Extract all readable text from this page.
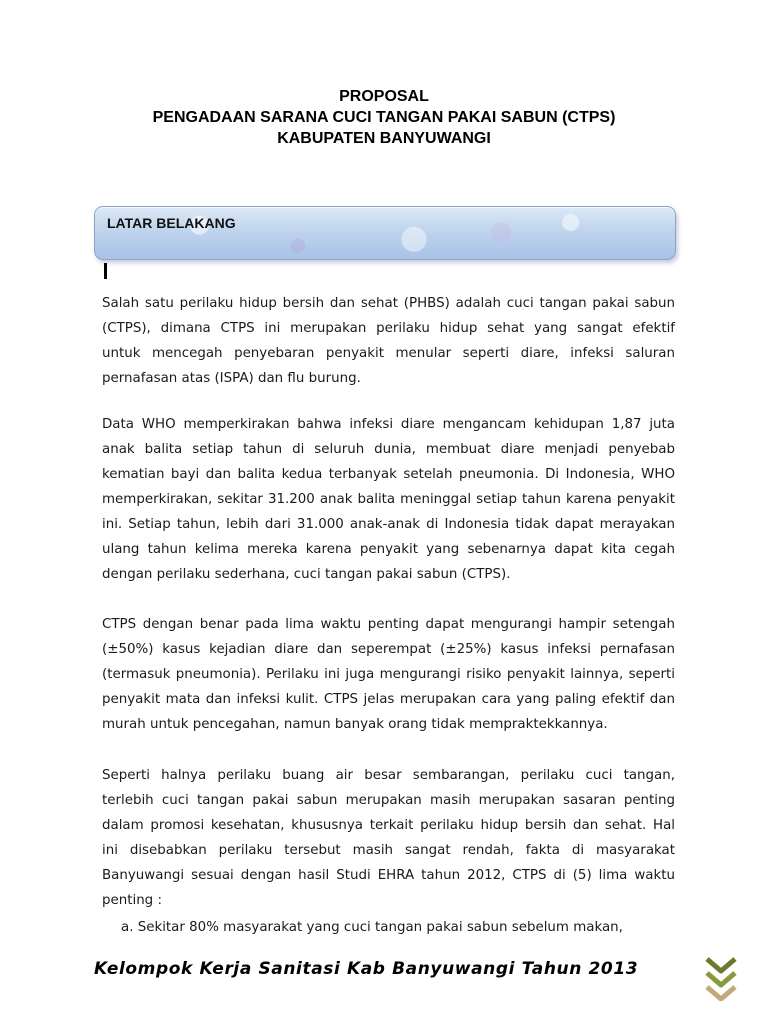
PROPOSAL
PENGADAAN SARANA CUCI TANGAN PAKAI SABUN (CTPS)
KABUPATEN BANYUWANGI
LATAR BELAKANG
Salah satu perilaku hidup bersih dan sehat (PHBS) adalah cuci tangan pakai sabun
(CTPS), dimana CTPS ini merupakan perilaku hidup sehat yang sangat efektif
untuk mencegah penyebaran penyakit menular seperti diare, infeksi saluran
pernafasan atas (ISPA) dan flu burung.
Data WHO memperkirakan bahwa infeksi diare mengancam kehidupan 1,87 juta
anak balita setiap tahun di seluruh dunia, membuat diare menjadi penyebab
kematian bayi dan balita kedua terbanyak setelah pneumonia. Di Indonesia, WHO
memperkirakan, sekitar 31.200 anak balita meninggal setiap tahun karena penyakit
ini. Setiap tahun, lebih dari 31.000 anak-anak di Indonesia tidak dapat merayakan
ulang tahun kelima mereka karena penyakit yang sebenarnya dapat kita cegah
dengan perilaku sederhana, cuci tangan pakai sabun (CTPS).
CTPS dengan benar pada lima waktu penting dapat mengurangi hampir setengah
(±50%) kasus kejadian diare dan seperempat (±25%) kasus infeksi pernafasan
(termasuk pneumonia). Perilaku ini juga mengurangi risiko penyakit lainnya, seperti
penyakit mata dan infeksi kulit. CTPS jelas merupakan cara yang paling efektif dan
murah untuk pencegahan, namun banyak orang tidak mempraktekkannya.
Seperti halnya perilaku buang air besar sembarangan, perilaku cuci tangan,
terlebih cuci tangan pakai sabun merupakan masih merupakan sasaran penting
dalam promosi kesehatan, khususnya terkait perilaku hidup bersih dan sehat. Hal
ini disebabkan perilaku tersebut masih sangat rendah, fakta di masyarakat
Banyuwangi sesuai dengan hasil Studi EHRA tahun 2012, CTPS di (5) lima waktu
penting :
a. Sekitar 80% masyarakat yang cuci tangan pakai sabun sebelum makan,
Kelompok Kerja Sanitasi Kab Banyuwangi Tahun 2013
